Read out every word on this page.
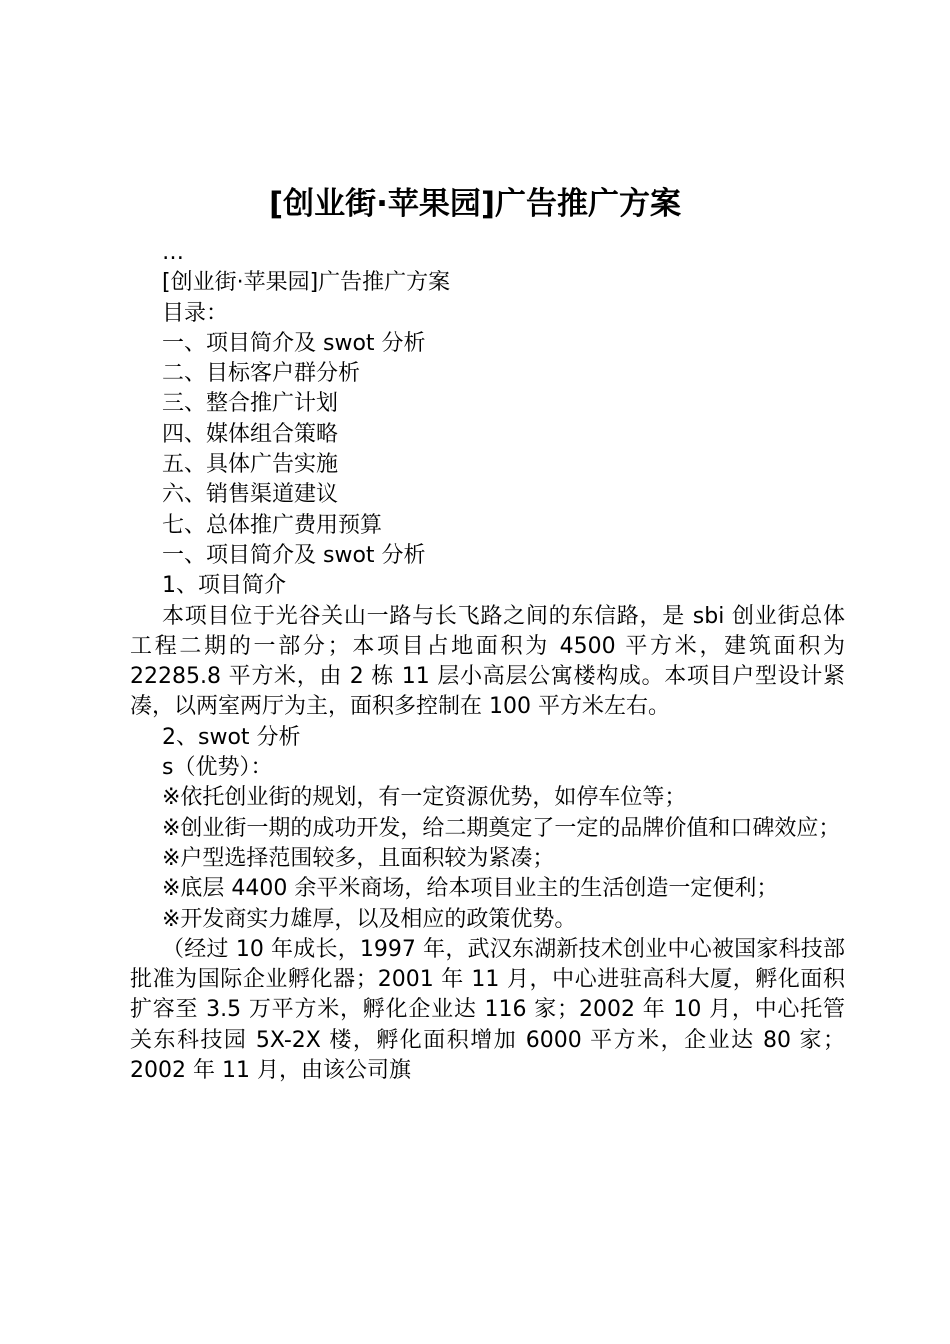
[创业街·苹果园]广告推广方案

…

[创业街·苹果园]广告推广方案

目录：

一、项目简介及 swot 分析

二、目标客户群分析

三、整合推广计划

四、媒体组合策略

五、具体广告实施

六、销售渠道建议

七、总体推广费用预算

一、项目简介及 swot 分析

1、项目简介

本项目位于光谷关山一路与长飞路之间的东信路，是 sbi 创业街总体工程二期的一部分；本项目占地面积为 4500 平方米，建筑面积为 22285.8 平方米，由 2 栋 11 层小高层公寓楼构成。本项目户型设计紧凑，以两室两厅为主，面积多控制在 100 平方米左右。

2、swot 分析

s（优势）：

※依托创业街的规划，有一定资源优势，如停车位等；

※创业街一期的成功开发，给二期奠定了一定的品牌价值和口碑效应；

※户型选择范围较多，且面积较为紧凑；

※底层 4400 余平米商场，给本项目业主的生活创造一定便利；

※开发商实力雄厚，以及相应的政策优势。

（经过 10 年成长，1997 年，武汉东湖新技术创业中心被国家科技部批准为国际企业孵化器；2001 年 11 月，中心进驻高科大厦，孵化面积扩容至 3.5 万平方米，孵化企业达 116 家；2002 年 10 月，中心托管关东科技园 5X-2X 楼，孵化面积增加 6000 平方米，企业达 80 家；2002 年 11 月，由该公司旗
